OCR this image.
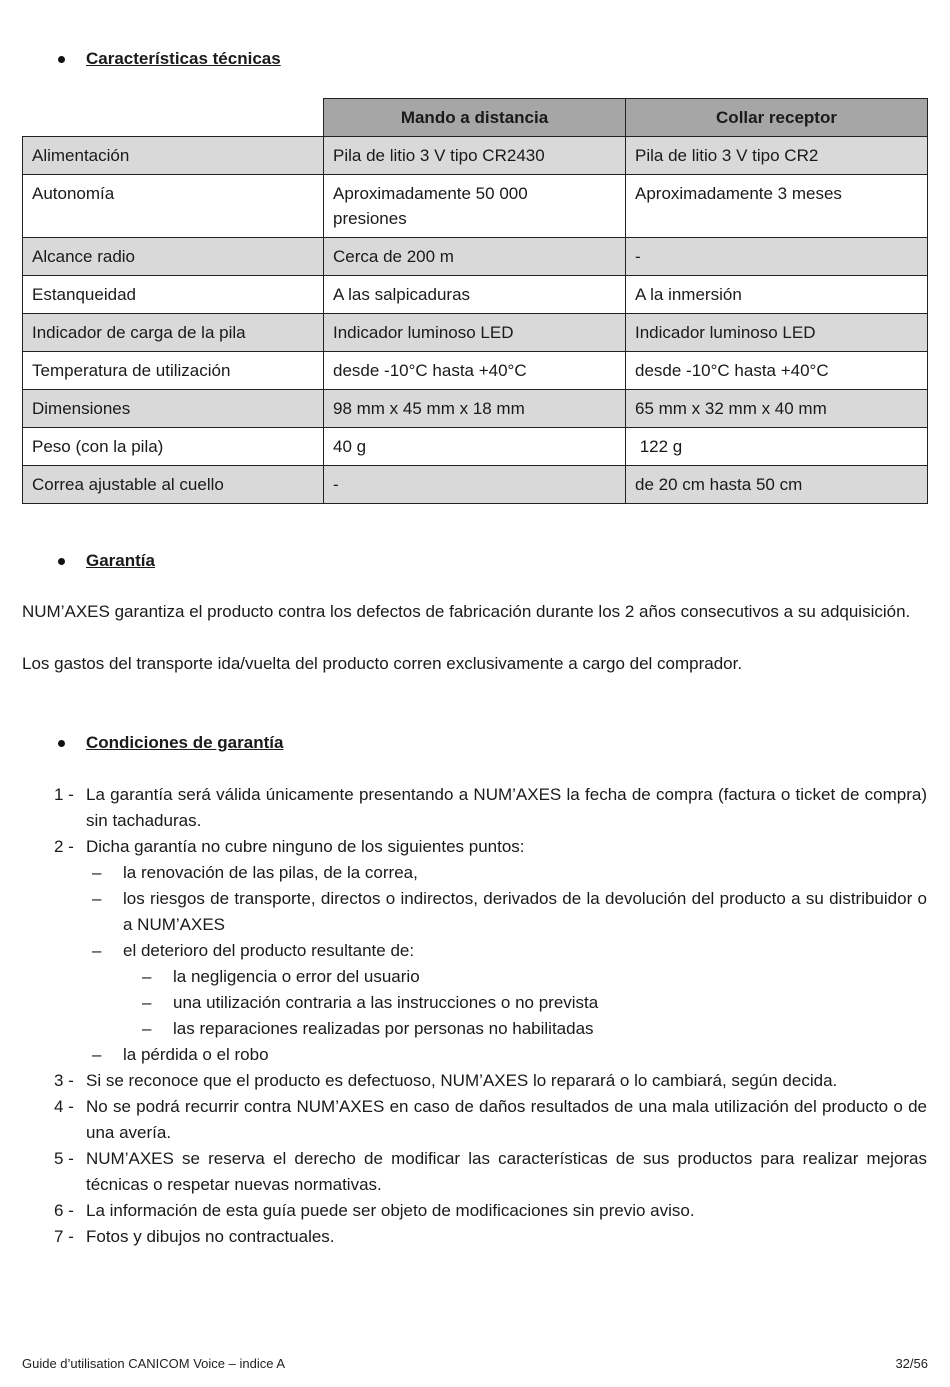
Características técnicas
	Mando a distancia	Collar receptor
Alimentación	Pila de litio 3 V tipo CR2430	Pila de litio 3 V tipo CR2
Autonomía	Aproximadamente 50 000 presiones	Aproximadamente 3 meses
Alcance radio	Cerca de 200 m	-
Estanqueidad	A las salpicaduras	A la inmersión
Indicador de carga de la pila	Indicador luminoso LED	Indicador luminoso LED
Temperatura de utilización	desde -10°C hasta +40°C	desde -10°C hasta +40°C
Dimensiones	98 mm x 45 mm x 18 mm	65 mm x 32 mm x 40 mm
Peso (con la pila)	40 g	122 g
Correa ajustable al cuello	-	de 20 cm hasta 50 cm
Garantía
NUM’AXES garantiza el producto contra los defectos de fabricación durante los 2 años consecutivos a su adquisición.
Los gastos del transporte ida/vuelta del producto corren exclusivamente a cargo del comprador.
Condiciones de garantía
1 - La garantía será válida únicamente presentando a NUM’AXES la fecha de compra (factura o ticket de compra) sin tachaduras.
2 - Dicha garantía no cubre ninguno de los siguientes puntos:
– la renovación de las pilas, de la correa,
– los riesgos de transporte, directos o indirectos, derivados de la devolución del producto a su distribuidor o a NUM’AXES
– el deterioro del producto resultante de:
– la negligencia o error del usuario
– una utilización contraria a las instrucciones o no prevista
– las reparaciones realizadas por personas no habilitadas
– la pérdida o el robo
3 - Si se reconoce que el producto es defectuoso, NUM’AXES lo reparará o lo cambiará, según decida.
4 - No se podrá recurrir contra NUM’AXES en caso de daños resultados de una mala utilización del producto o de una avería.
5 - NUM’AXES se reserva el derecho de modificar las características de sus productos para realizar mejoras técnicas o respetar nuevas normativas.
6 - La información de esta guía puede ser objeto de modificaciones sin previo aviso.
7 - Fotos y dibujos no contractuales.
Guide d’utilisation CANICOM Voice – indice A	32/56
